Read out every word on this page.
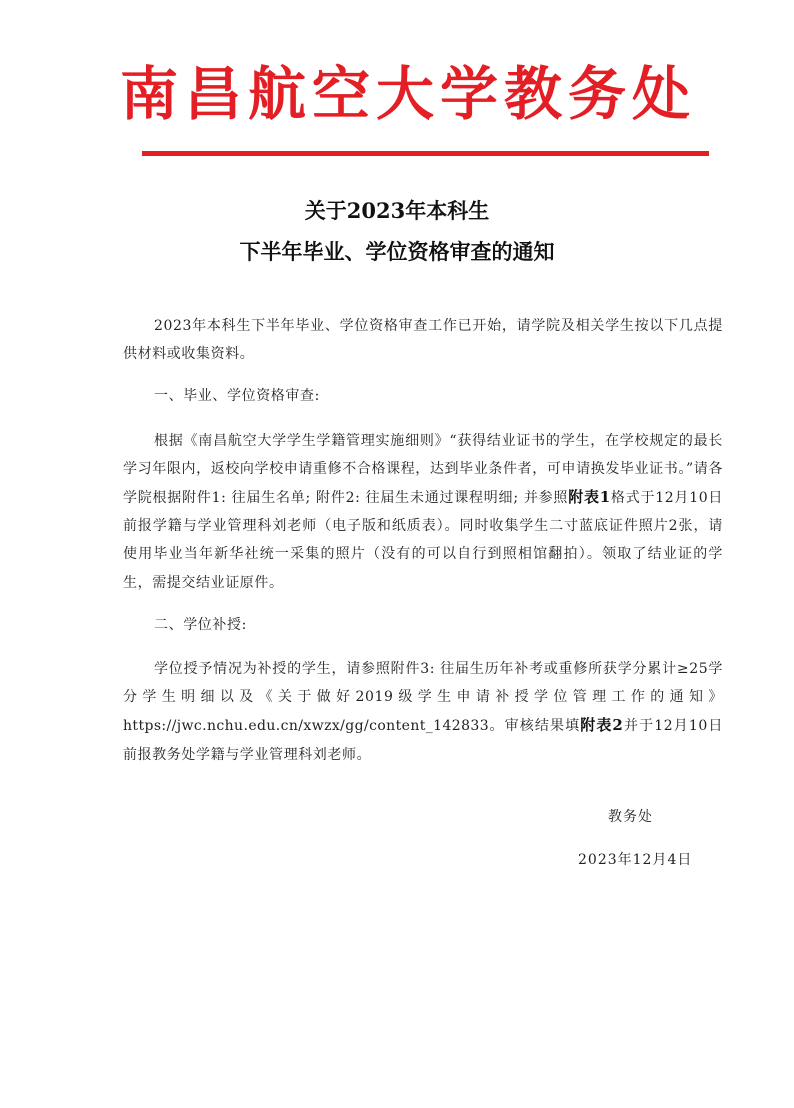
南昌航空大学教务处
关于2023年本科生
下半年毕业、学位资格审查的通知

2023年本科生下半年毕业、学位资格审查工作已开始，请学院及相关学生按以下几点提供材料或收集资料。

一、毕业、学位资格审查:

根据《南昌航空大学学生学籍管理实施细则》“获得结业证书的学生，在学校规定的最长学习年限内，返校向学校申请重修不合格课程，达到毕业条件者，可申请换发毕业证书。”请各学院根据附件1: 往届生名单; 附件2: 往届生未通过课程明细; 并参照附表1格式于12月10日前报学籍与学业管理科刘老师（电子版和纸质表）。同时收集学生二寸蓝底证件照片2张，请使用毕业当年新华社统一采集的照片（没有的可以自行到照相馆翻拍）。领取了结业证的学生，需提交结业证原件。

二、学位补授:

学位授予情况为补授的学生，请参照附件3: 往届生历年补考或重修所获学分累计≥25学分学生明细以及《关于做好2019级学生申请补授学位管理工作的通知》https://jwc.nchu.edu.cn/xwzx/gg/content_142833。审核结果填附表2并于12月10日前报教务处学籍与学业管理科刘老师。

教务处
2023年12月4日
